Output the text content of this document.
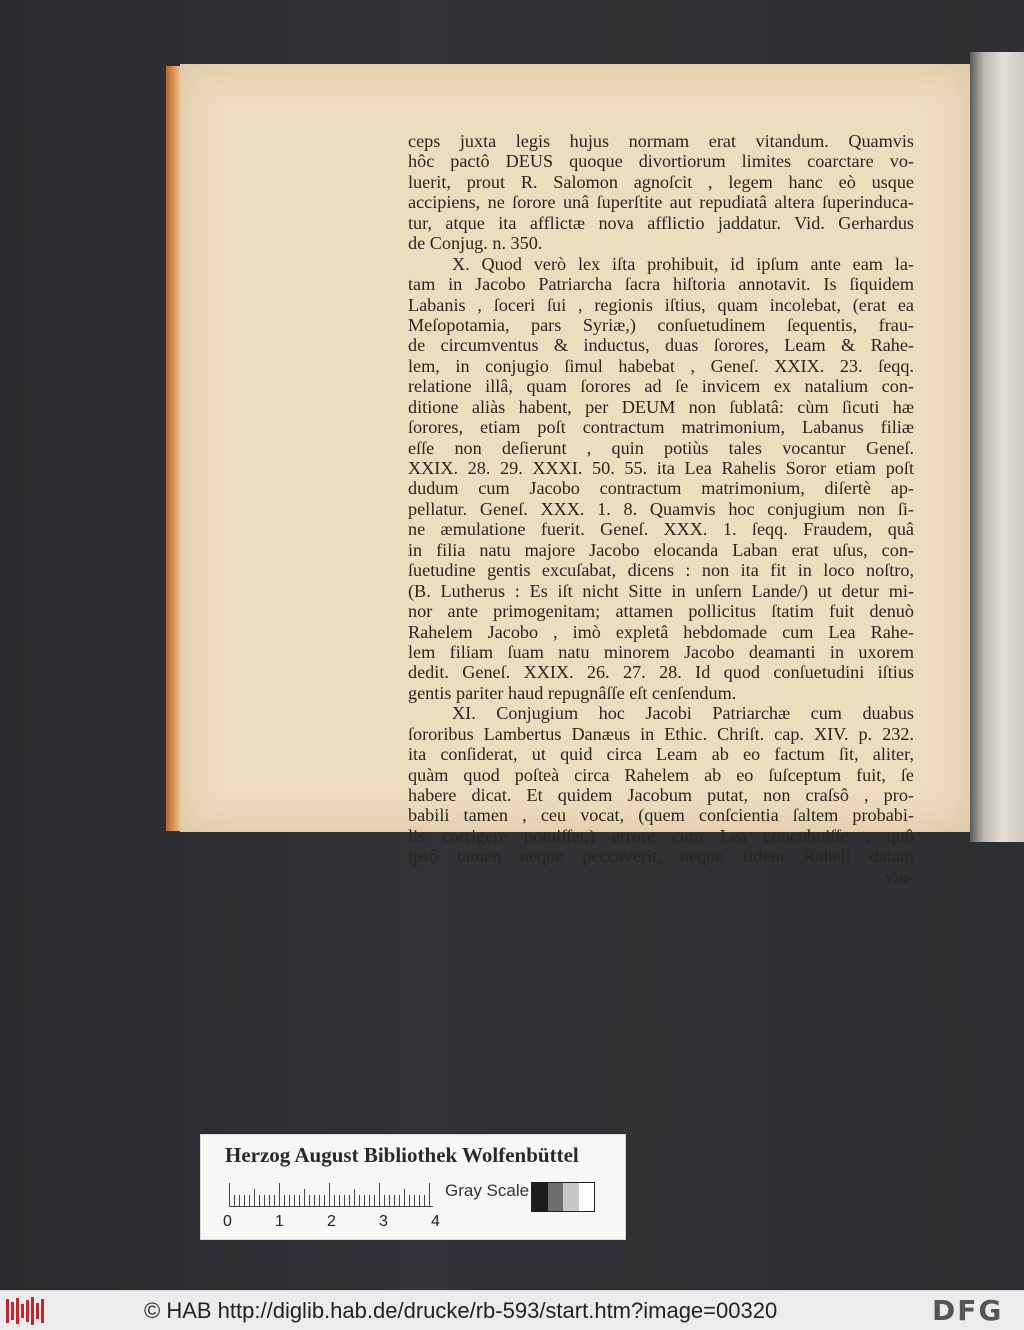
ceps juxta legis hujus normam erat vitandum. Quamvis
hôc pactô DEUS quoque divortiorum limites coarctare vo-
luerit, prout R. Salomon agnoſcit , legem hanc eò usque
accipiens, ne ſorore unâ ſuperſtite aut repudiatâ altera ſuperinduca-
tur, atque ita afflictæ nova afflictio jaddatur. Vid. Gerhardus
de Conjug. n. 350.
X. Quod verò lex iſta prohibuit, id ipſum ante eam la-
tam in Jacobo Patriarcha ſacra hiſtoria annotavit. Is ſiquidem
Labanis , ſoceri ſui , regionis iſtius, quam incolebat, (erat ea
Meſopotamia, pars Syriæ,) conſuetudinem ſequentis, frau-
de circumventus & inductus, duas ſorores, Leam & Rahe-
lem, in conjugio ſimul habebat , Geneſ. XXIX. 23. ſeqq.
relatione illâ, quam ſorores ad ſe invicem ex natalium con-
ditione aliàs habent, per DEUM non ſublatâ: cùm ſicuti hæ
ſorores, etiam poſt contractum matrimonium, Labanus filiæ
eſſe non deſierunt , quin potiùs tales vocantur Geneſ.
XXIX. 28. 29. XXXI. 50. 55. ita Lea Rahelis Soror etiam poſt
dudum cum Jacobo contractum matrimonium, diſertè ap-
pellatur. Geneſ. XXX. 1. 8. Quamvis hoc conjugium non ſi-
ne æmulatione fuerit. Geneſ. XXX. 1. ſeqq. Fraudem, quâ
in filia natu majore Jacobo elocanda Laban erat uſus, con-
ſuetudine gentis excuſabat, dicens : non ita fit in loco noſtro,
(B. Lutherus : Es iſt nicht Sitte in unſern Lande/) ut detur mi-
nor ante primogenitam; attamen pollicitus ſtatim fuit denuò
Rahelem Jacobo , imò expletâ hebdomade cum Lea Rahe-
lem filiam ſuam natu minorem Jacobo deamanti in uxorem
dedit. Geneſ. XXIX. 26. 27. 28. Id quod conſuetudini iſtius
gentis pariter haud repugnâſſe eſt cenſendum.
XI. Conjugium hoc Jacobi Patriarchæ cum duabus
ſororibus Lambertus Danæus in Ethic. Chriſt. cap. XIV. p. 232.
ita conſiderat, ut quid circa Leam ab eo factum ſit, aliter,
quàm quod poſteà circa Rahelem ab eo ſuſceptum fuit, ſe
habere dicat. Et quidem Jacobum putat, non craſsô , pro-
babili tamen , ceu vocat, (quem conſcientia ſaltem probabi-
lis corrigere potuiſſet,) errore cum Lea concubuiſſe ; quô
ipsô tamen neque peccaverit, neque fidem Raheli datam
vio-
Herzog August Bibliothek Wolfenbüttel
Gray Scale
0	1	2	3	4
© HAB http://diglib.hab.de/drucke/rb-593/start.htm?image=00320	DFG
